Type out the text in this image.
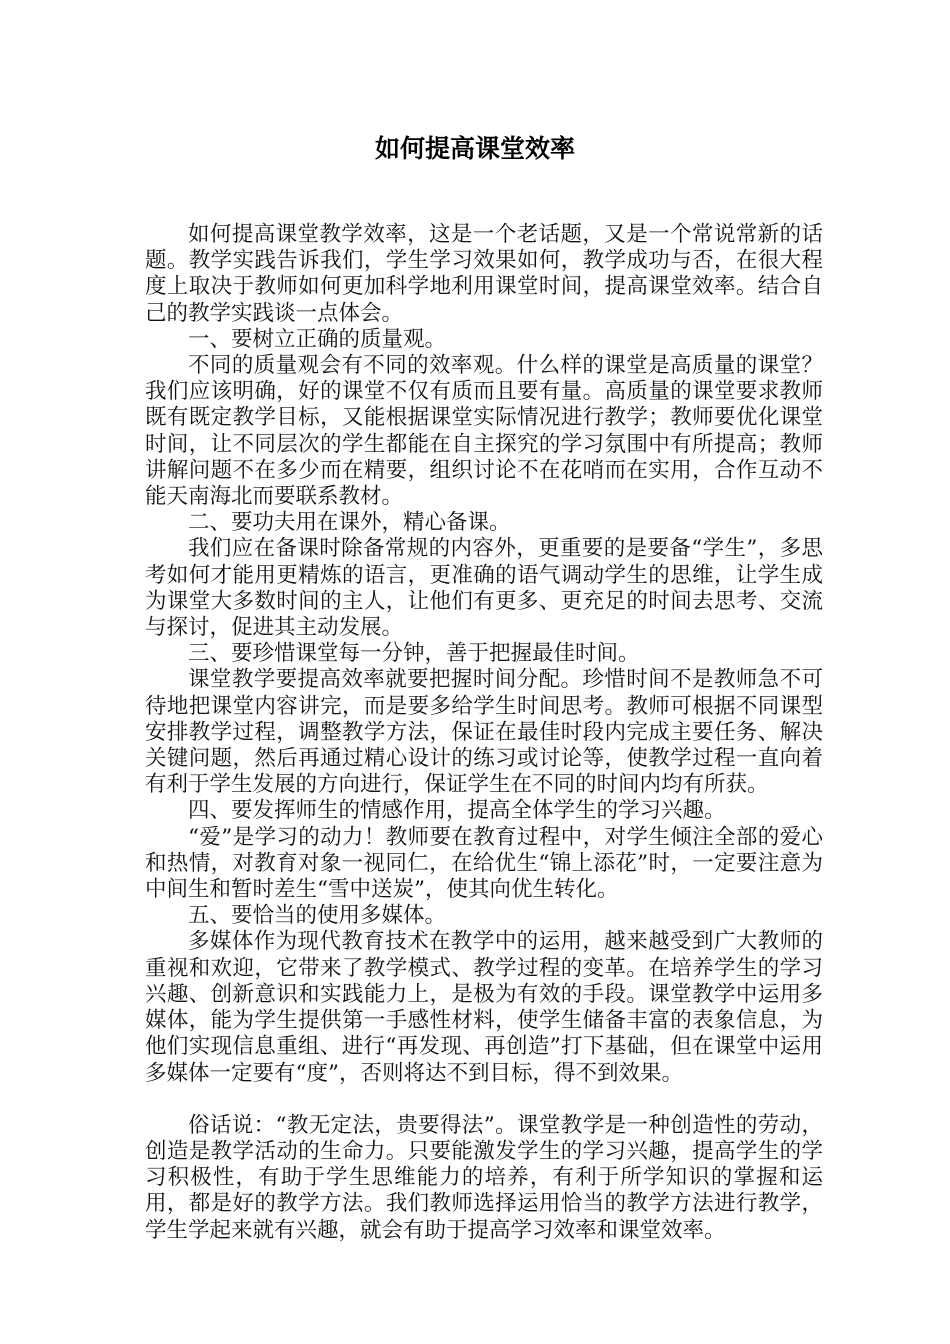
如何提高课堂效率

如何提高课堂教学效率，这是一个老话题，又是一个常说常新的话题。教学实践告诉我们，学生学习效果如何，教学成功与否，在很大程度上取决于教师如何更加科学地利用课堂时间，提高课堂效率。结合自己的教学实践谈一点体会。

一、要树立正确的质量观。

不同的质量观会有不同的效率观。什么样的课堂是高质量的课堂？我们应该明确，好的课堂不仅有质而且要有量。高质量的课堂要求教师既有既定教学目标，又能根据课堂实际情况进行教学；教师要优化课堂时间，让不同层次的学生都能在自主探究的学习氛围中有所提高；教师讲解问题不在多少而在精要，组织讨论不在花哨而在实用，合作互动不能天南海北而要联系教材。

二、要功夫用在课外，精心备课。

我们应在备课时除备常规的内容外，更重要的是要备“学生”，多思考如何才能用更精炼的语言，更准确的语气调动学生的思维，让学生成为课堂大多数时间的主人，让他们有更多、更充足的时间去思考、交流与探讨，促进其主动发展。

三、要珍惜课堂每一分钟，善于把握最佳时间。

课堂教学要提高效率就要把握时间分配。珍惜时间不是教师急不可待地把课堂内容讲完，而是要多给学生时间思考。教师可根据不同课型安排教学过程，调整教学方法，保证在最佳时段内完成主要任务、解决关键问题，然后再通过精心设计的练习或讨论等，使教学过程一直向着有利于学生发展的方向进行，保证学生在不同的时间内均有所获。

四、要发挥师生的情感作用，提高全体学生的学习兴趣。

“爱”是学习的动力！教师要在教育过程中，对学生倾注全部的爱心和热情，对教育对象一视同仁，在给优生“锦上添花”时，一定要注意为中间生和暂时差生“雪中送炭”，使其向优生转化。

五、要恰当的使用多媒体。

多媒体作为现代教育技术在教学中的运用，越来越受到广大教师的重视和欢迎，它带来了教学模式、教学过程的变革。在培养学生的学习兴趣、创新意识和实践能力上，是极为有效的手段。课堂教学中运用多媒体，能为学生提供第一手感性材料，使学生储备丰富的表象信息，为他们实现信息重组、进行“再发现、再创造”打下基础，但在课堂中运用多媒体一定要有“度”，否则将达不到目标，得不到效果。

俗话说：“教无定法，贵要得法”。课堂教学是一种创造性的劳动，创造是教学活动的生命力。只要能激发学生的学习兴趣，提高学生的学习积极性，有助于学生思维能力的培养，有利于所学知识的掌握和运用，都是好的教学方法。我们教师选择运用恰当的教学方法进行教学，学生学起来就有兴趣，就会有助于提高学习效率和课堂效率。
